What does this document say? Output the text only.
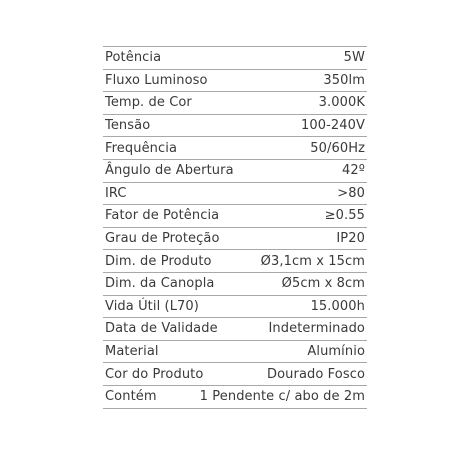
Potência	5W
Fluxo Luminoso	350lm
Temp. de Cor	3.000K
Tensão	100-240V
Frequência	50/60Hz
Ângulo de Abertura	42º
IRC	>80
Fator de Potência	≥0.55
Grau de Proteção	IP20
Dim. de Produto	Ø3,1cm x 15cm
Dim. da Canopla	Ø5cm x 8cm
Vida Útil (L70)	15.000h
Data de Validade	Indeterminado
Material	Alumínio
Cor do Produto	Dourado Fosco
Contém	1 Pendente c/ abo de 2m
